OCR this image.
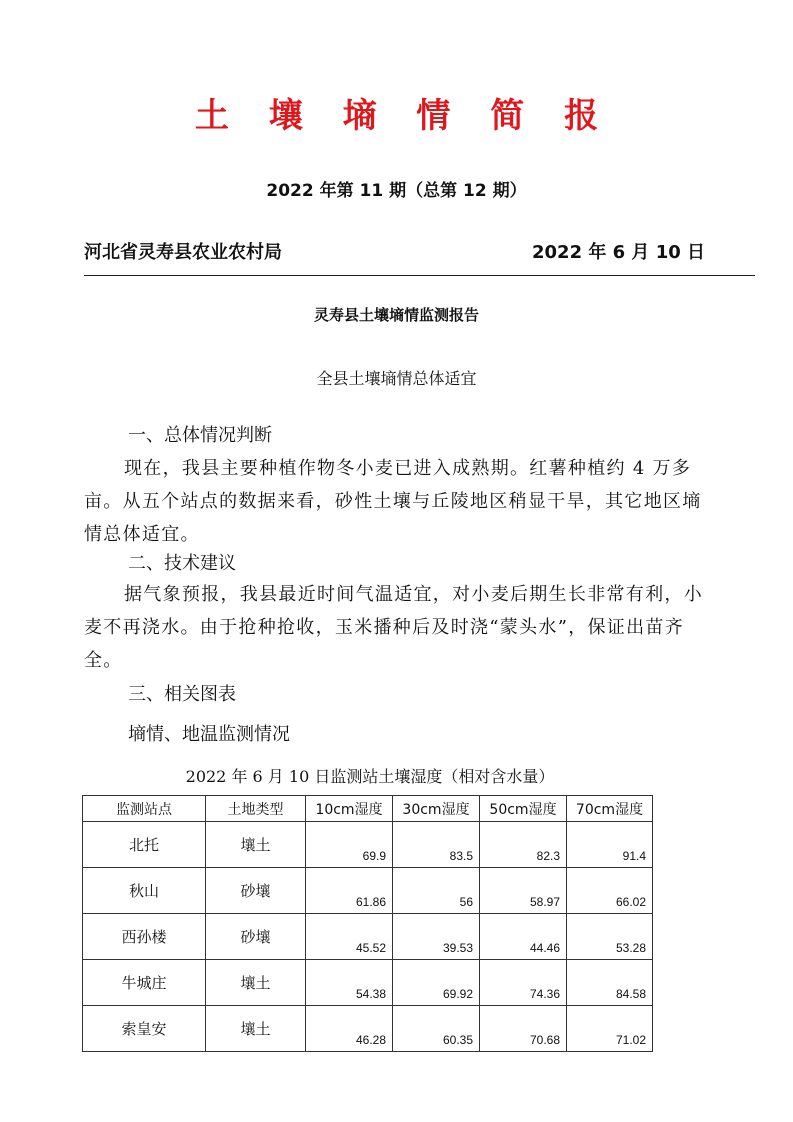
土 壤 墒 情 简 报
2022 年第 11 期（总第 12 期）
河北省灵寿县农业农村局	2022 年 6 月 10 日
灵寿县土壤墒情监测报告
全县土壤墒情总体适宜
一、总体情况判断
现在，我县主要种植作物冬小麦已进入成熟期。红薯种植约 4 万多亩。从五个站点的数据来看，砂性土壤与丘陵地区稍显干旱，其它地区墒情总体适宜。
二、技术建议
据气象预报，我县最近时间气温适宜，对小麦后期生长非常有利，小麦不再浇水。由于抢种抢收，玉米播种后及时浇“蒙头水”，保证出苗齐全。
三、相关图表
墒情、地温监测情况
2022 年 6 月 10 日监测站土壤湿度（相对含水量）
监测站点	土地类型	10cm湿度	30cm湿度	50cm湿度	70cm湿度
北托	壤土	69.9	83.5	82.3	91.4
秋山	砂壤	61.86	56	58.97	66.02
西孙楼	砂壤	45.52	39.53	44.46	53.28
牛城庄	壤土	54.38	69.92	74.36	84.58
索皇安	壤土	46.28	60.35	70.68	71.02
